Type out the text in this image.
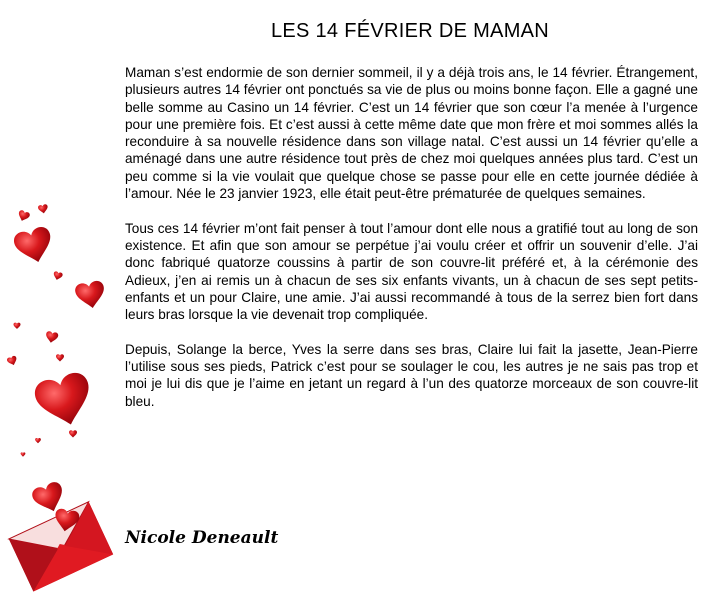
LES 14 FÉVRIER DE MAMAN

Maman s’est endormie de son dernier sommeil, il y a déjà trois ans, le 14 février. Étrangement, plusieurs autres 14 février ont ponctués sa vie de plus ou moins bonne façon. Elle a gagné une belle somme au Casino un 14 février. C’est un 14 février que son cœur l’a menée à l’urgence pour une première fois. Et c’est aussi à cette même date que mon frère et moi sommes allés la reconduire à sa nouvelle résidence dans son village natal. C’est aussi un 14 février qu’elle a aménagé dans une autre résidence tout près de chez moi quelques années plus tard. C’est un peu comme si la vie voulait que quelque chose se passe pour elle en cette journée dédiée à l’amour. Née le 23 janvier 1923, elle était peut-être prématurée de quelques semaines.

Tous ces 14 février m’ont fait penser à tout l’amour dont elle nous a gratifié tout au long de son existence. Et afin que son amour se perpétue j’ai voulu créer et offrir un souvenir d’elle. J’ai donc fabriqué quatorze coussins à partir de son couvre-lit préféré et, à la cérémonie des Adieux, j’en ai remis un à chacun de ses six enfants vivants, un à chacun de ses sept petits-enfants et un pour Claire, une amie. J’ai aussi recommandé à tous de la serrez bien fort dans leurs bras lorsque la vie devenait trop compliquée.

Depuis, Solange la berce, Yves la serre dans ses bras, Claire lui fait la jasette, Jean-Pierre l’utilise sous ses pieds, Patrick c’est pour se soulager le cou, les autres je ne sais pas trop et moi je lui dis que je l’aime en jetant un regard à l’un des quatorze morceaux de son couvre-lit bleu.

Nicole Deneault
